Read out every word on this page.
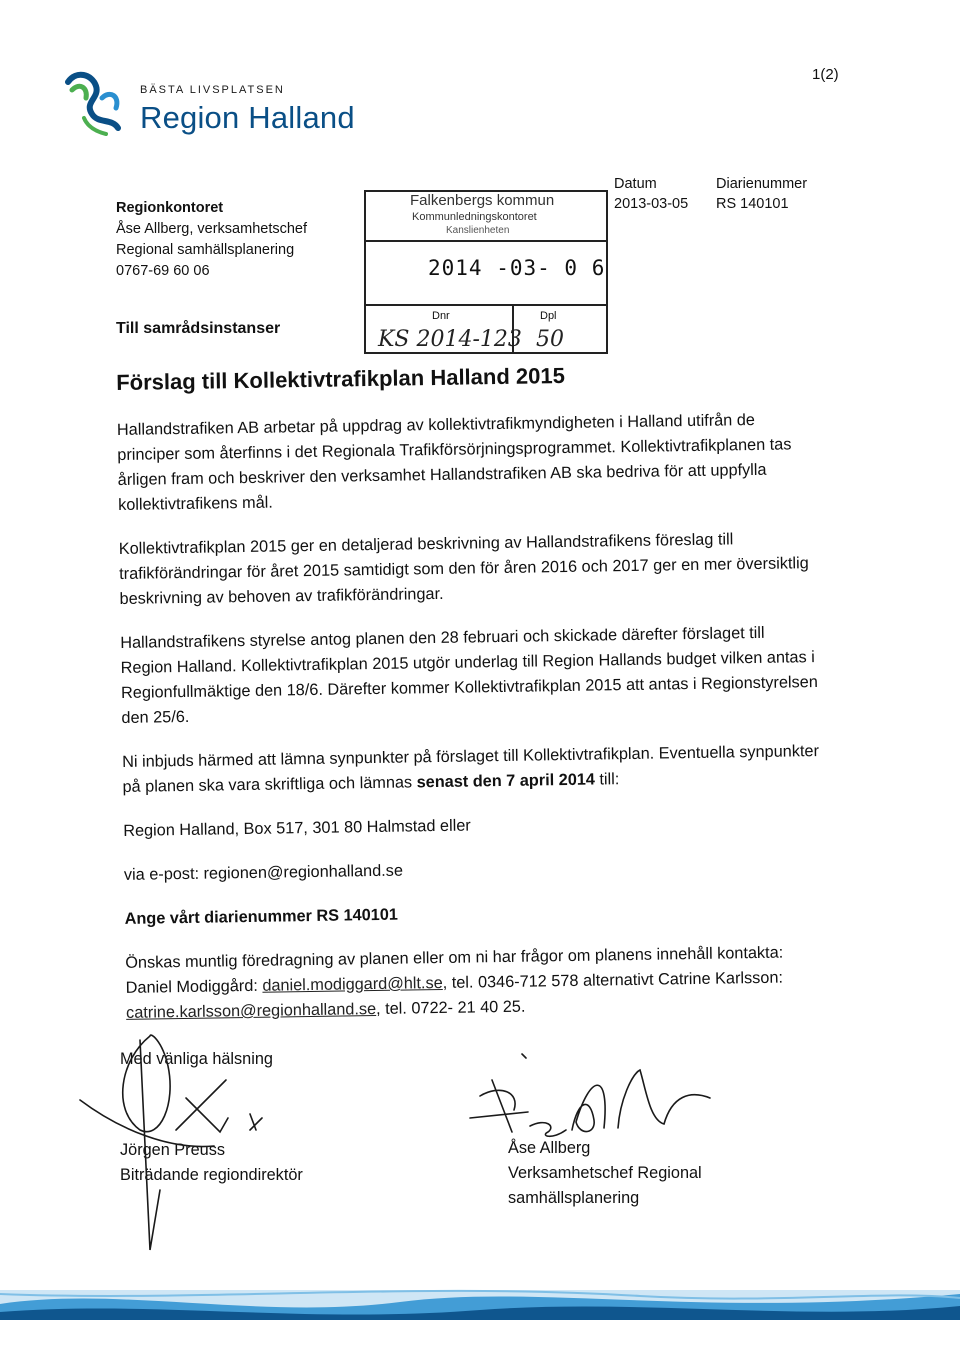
1(2)
BÄSTA LIVSPLATSEN
Region Halland
Regionkontoret
Åse Allberg, verksamhetschef
Regional samhällsplanering
0767-69 60 06
Falkenbergs kommun
Kommunledningskontoret
Kanslienheten
2014 -03- 0 6
Dnr	Dpl
KS 2014-123 50
Datum
2013-03-05
Diarienummer
RS 140101
Till samrådsinstanser
Förslag till Kollektivtrafikplan Halland 2015

Hallandstrafiken AB arbetar på uppdrag av kollektivtrafikmyndigheten i Halland utifrån de principer som återfinns i det Regionala Trafikförsörjningsprogrammet. Kollektivtrafikplanen tas årligen fram och beskriver den verksamhet Hallandstrafiken AB ska bedriva för att uppfylla kollektivtrafikens mål.

Kollektivtrafikplan 2015 ger en detaljerad beskrivning av Hallandstrafikens föreslag till trafikförändringar för året 2015 samtidigt som den för åren 2016 och 2017 ger en mer översiktlig beskrivning av behoven av trafikförändringar.

Hallandstrafikens styrelse antog planen den 28 februari och skickade därefter förslaget till Region Halland. Kollektivtrafikplan 2015 utgör underlag till Region Hallands budget vilken antas i Regionfullmäktige den 18/6. Därefter kommer Kollektivtrafikplan 2015 att antas i Regionstyrelsen den 25/6.

Ni inbjuds härmed att lämna synpunkter på förslaget till Kollektivtrafikplan. Eventuella synpunkter på planen ska vara skriftliga och lämnas senast den 7 april 2014 till:

Region Halland, Box 517, 301 80 Halmstad eller

via e-post: regionen@regionhalland.se

Ange vårt diarienummer RS 140101

Önskas muntlig föredragning av planen eller om ni har frågor om planens innehåll kontakta: Daniel Modiggård: daniel.modiggard@hlt.se, tel. 0346-712 578 alternativt Catrine Karlsson: catrine.karlsson@regionhalland.se, tel. 0722- 21 40 25.

Med vänliga hälsning
Jörgen Preuss
Biträdande regiondirektör
Åse Allberg
Verksamhetschef Regional
samhällsplanering
